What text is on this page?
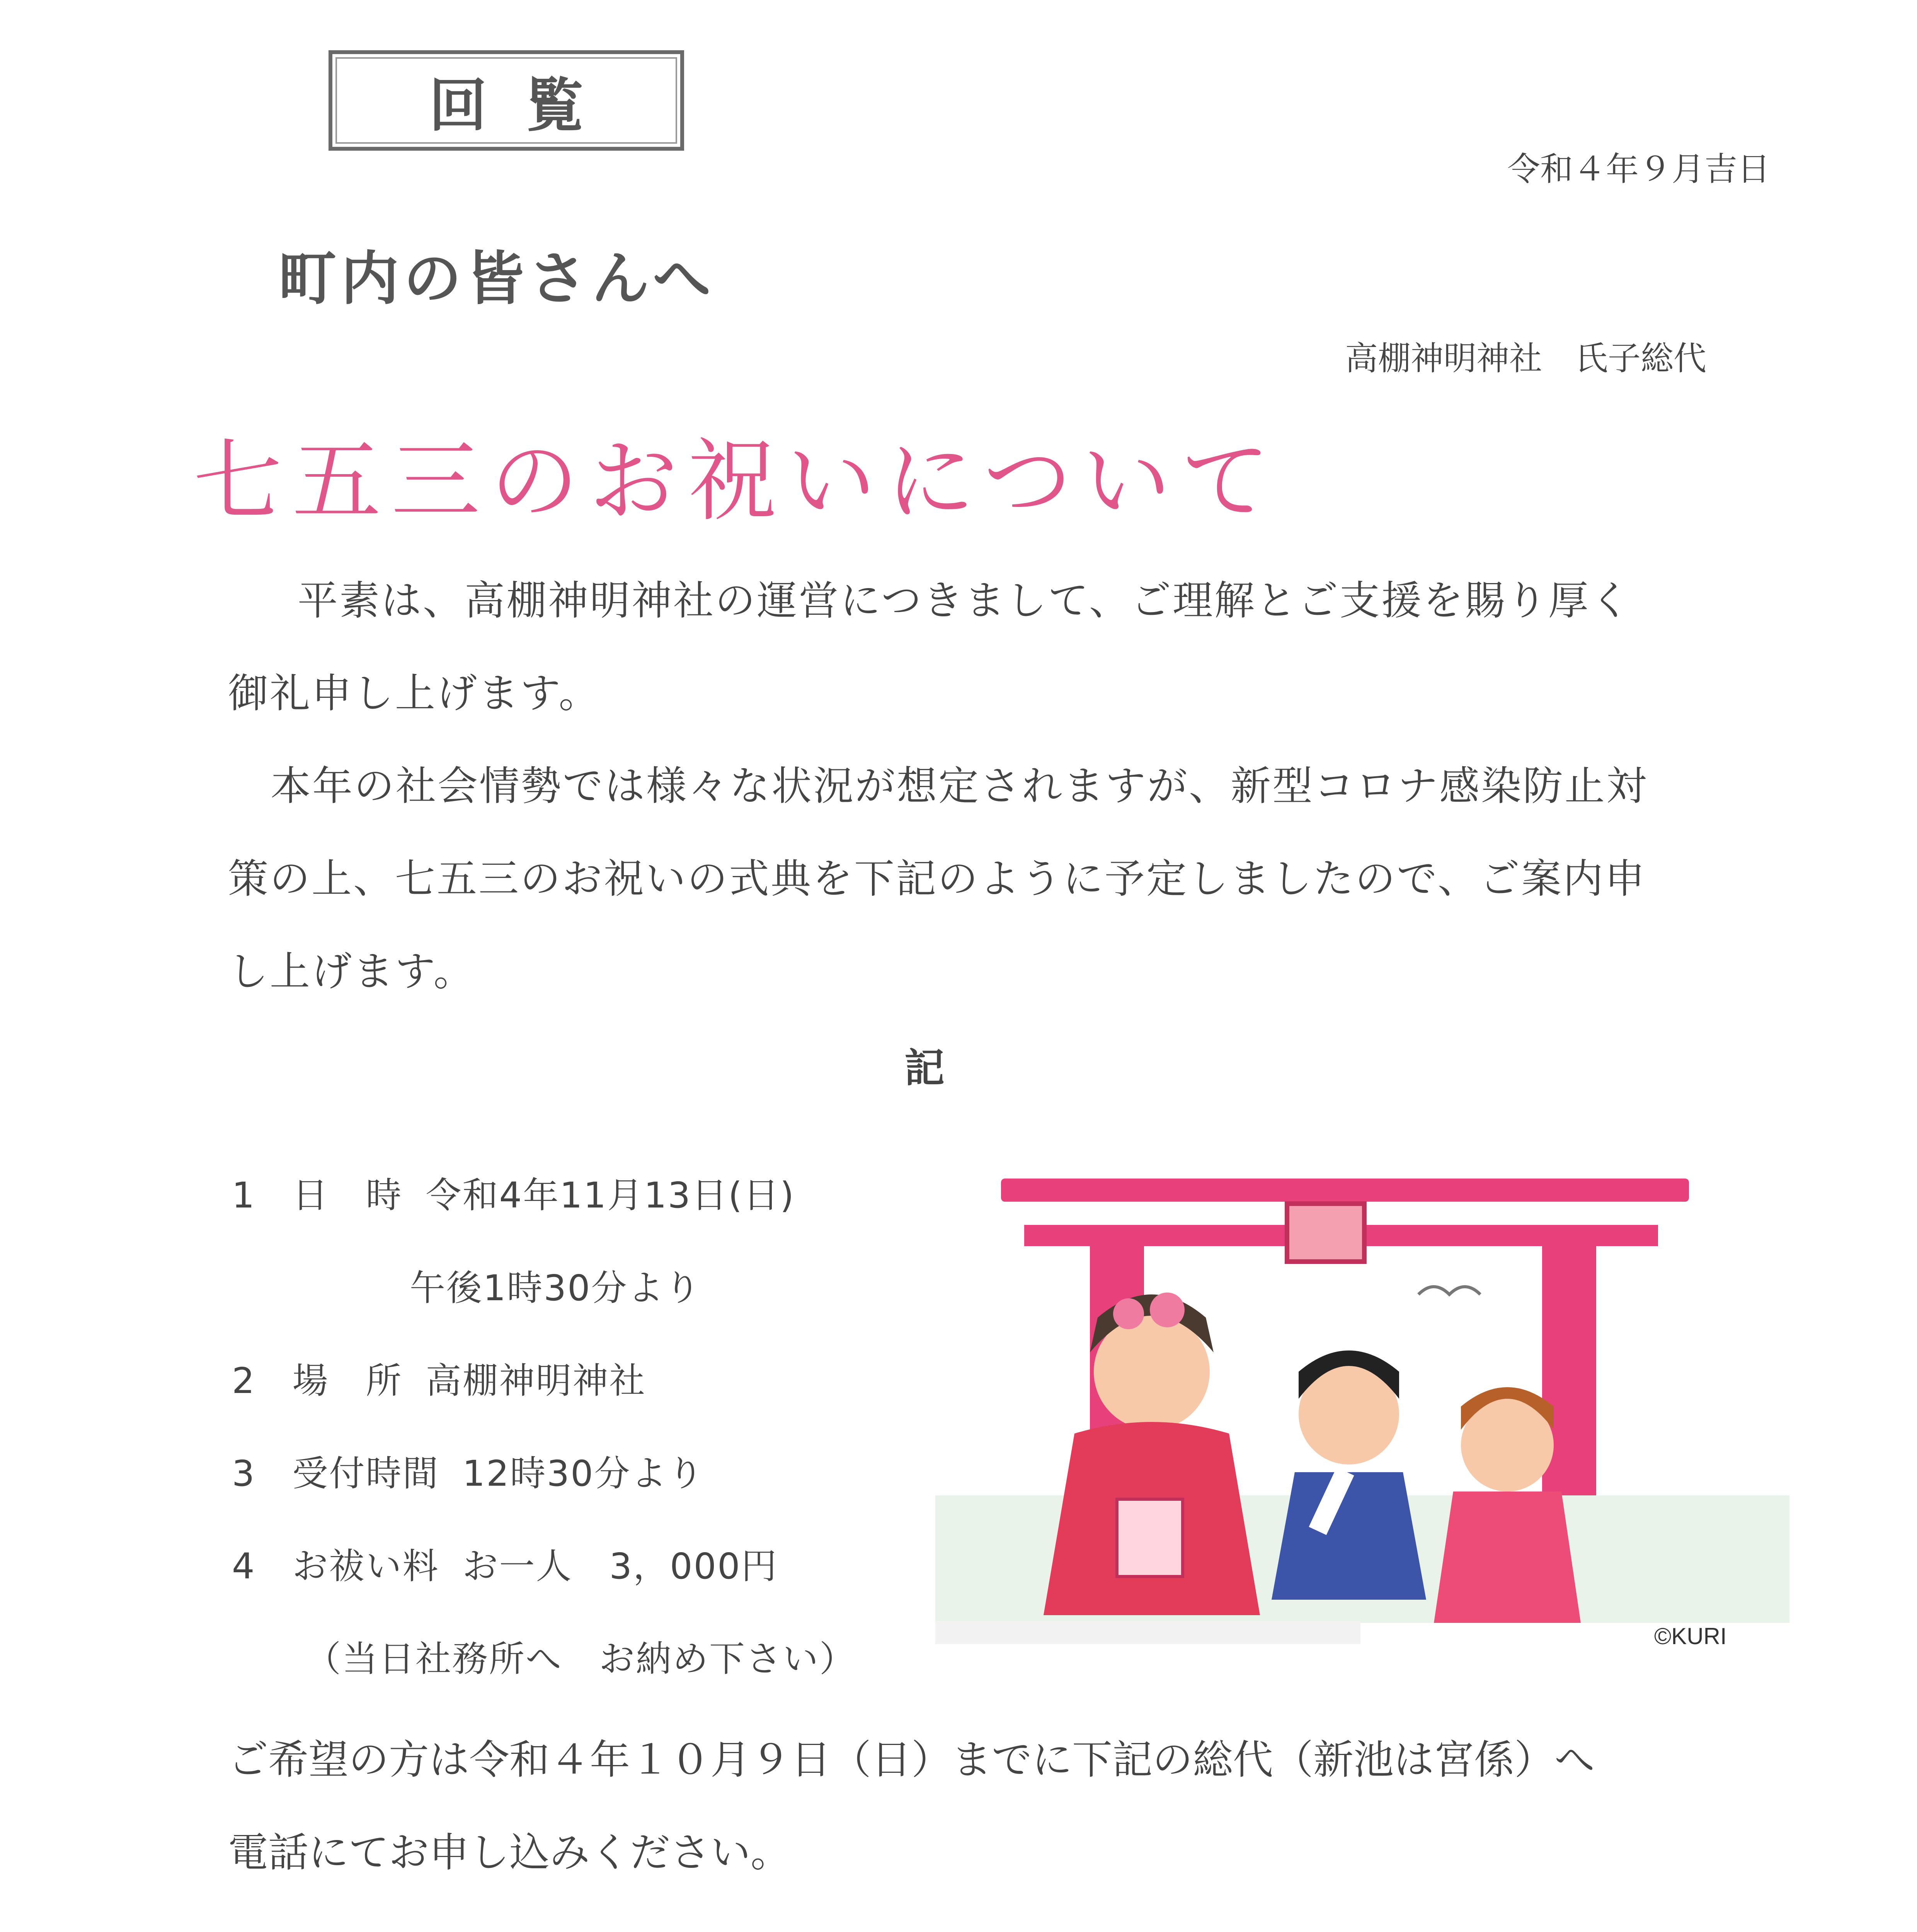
回覧
令和４年９月吉日
町内の皆さんへ
高棚神明神社　氏子総代
七五三のお祝いについて
平素は、高棚神明神社の運営につきまして、ご理解とご支援を賜り厚く
御礼申し上げます。
本年の社会情勢では様々な状況が想定されますが、新型コロナ感染防止対
策の上、七五三のお祝いの式典を下記のように予定しましたので、ご案内申
し上げます。
記
1　日　時 令和4年11月13日(日)
午後1時30分より
2　場　所 高棚神明神社
3　受付時間 12時30分より
4　お祓い料 お一人　3，000円
（当日社務所へ　お納め下さい）
©KURI
ご希望の方は令和４年１０月９日（日）までに下記の総代（新池は宮係）へ
電話にてお申し込みください。
